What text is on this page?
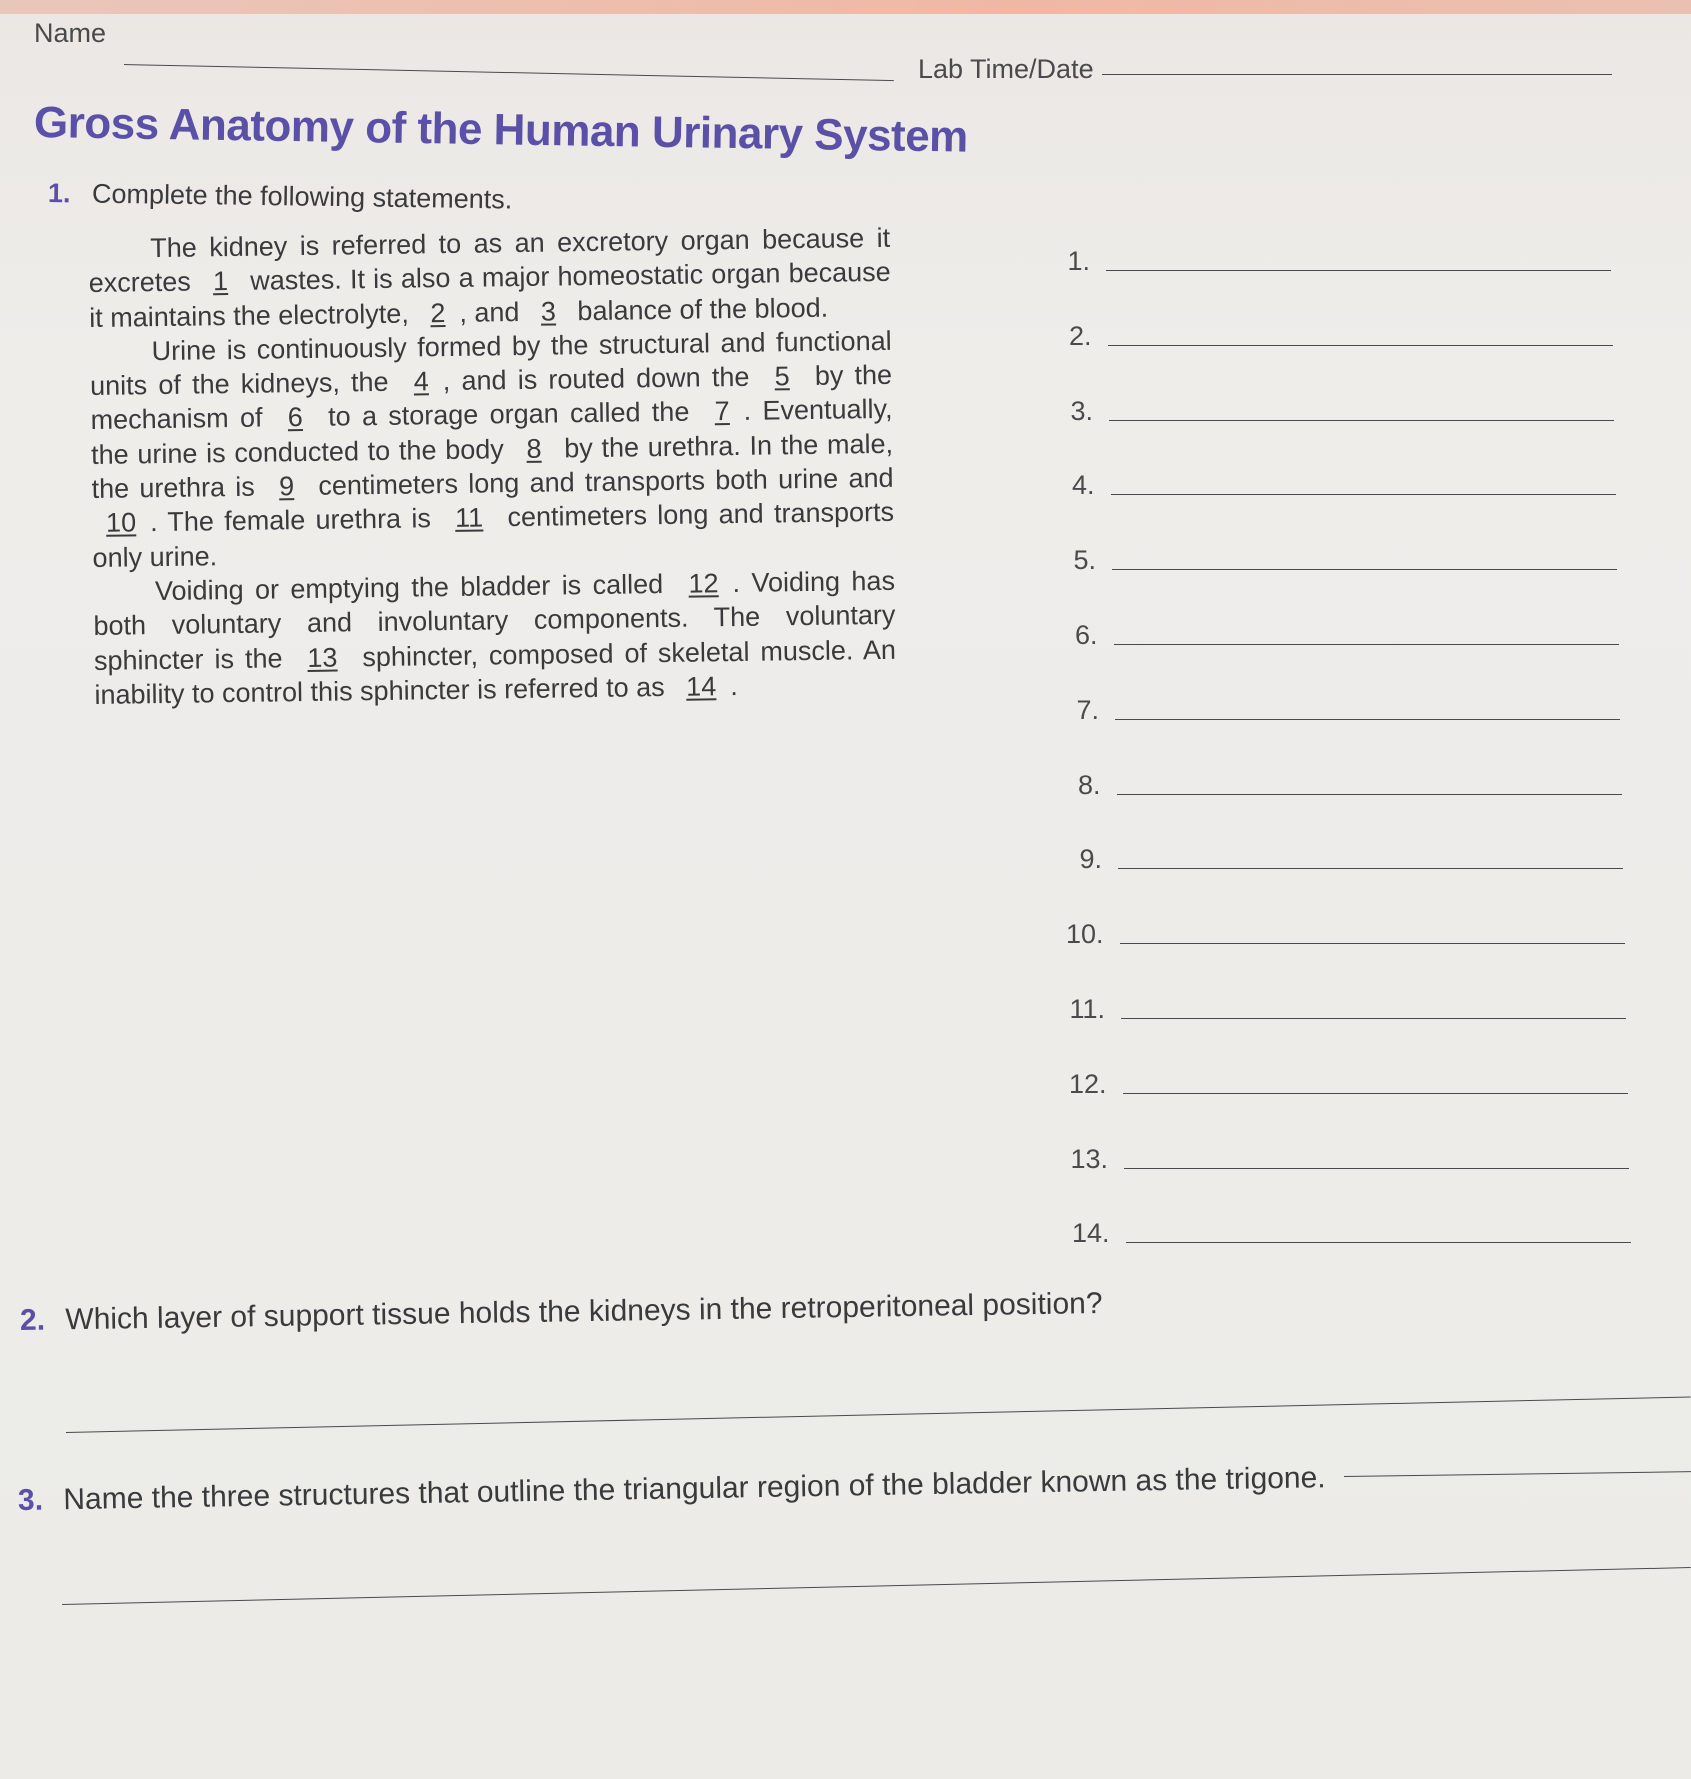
Name
Lab Time/Date
Gross Anatomy of the Human Urinary System
1. Complete the following statements.

The kidney is referred to as an excretory organ because it excretes 1 wastes. It is also a major homeostatic organ because it maintains the electrolyte, 2 , and 3 balance of the blood.

Urine is continuously formed by the structural and functional units of the kidneys, the 4 , and is routed down the 5 by the mechanism of 6 to a storage organ called the 7 . Eventually, the urine is conducted to the body 8 by the urethra. In the male, the urethra is 9 centimeters long and transports both urine and 10 . The female urethra is 11 centimeters long and transports only urine.

Voiding or emptying the bladder is called 12 . Voiding has both voluntary and involuntary components. The voluntary sphincter is the 13 sphincter, composed of skeletal muscle. An inability to control this sphincter is referred to as 14 .

1.
2.
3.
4.
5.
6.
7.
8.
9.
10.
11.
12.
13.
14.
2. Which layer of support tissue holds the kidneys in the retroperitoneal position?
3. Name the three structures that outline the triangular region of the bladder known as the trigone.
